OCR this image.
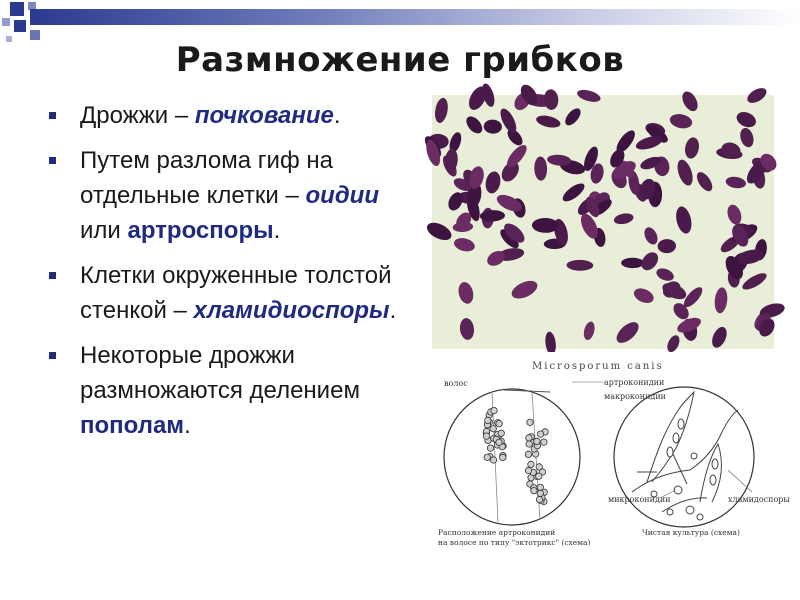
Размножение грибков
Дрожжи – почкование.
Путем разлома гиф на отдельные клетки – оидии или артроспоры.
Клетки окруженные толстой стенкой – хламидиоспоры.
Некоторые дрожжи размножаются делением пополам.
Microsporum canis
волос	артроконидии
макроконидии
микроконидии	хламидоспоры
Расположение артроконидий
на волосе по типу "эктотрикс" (схема)
Чистая культура (схема)
